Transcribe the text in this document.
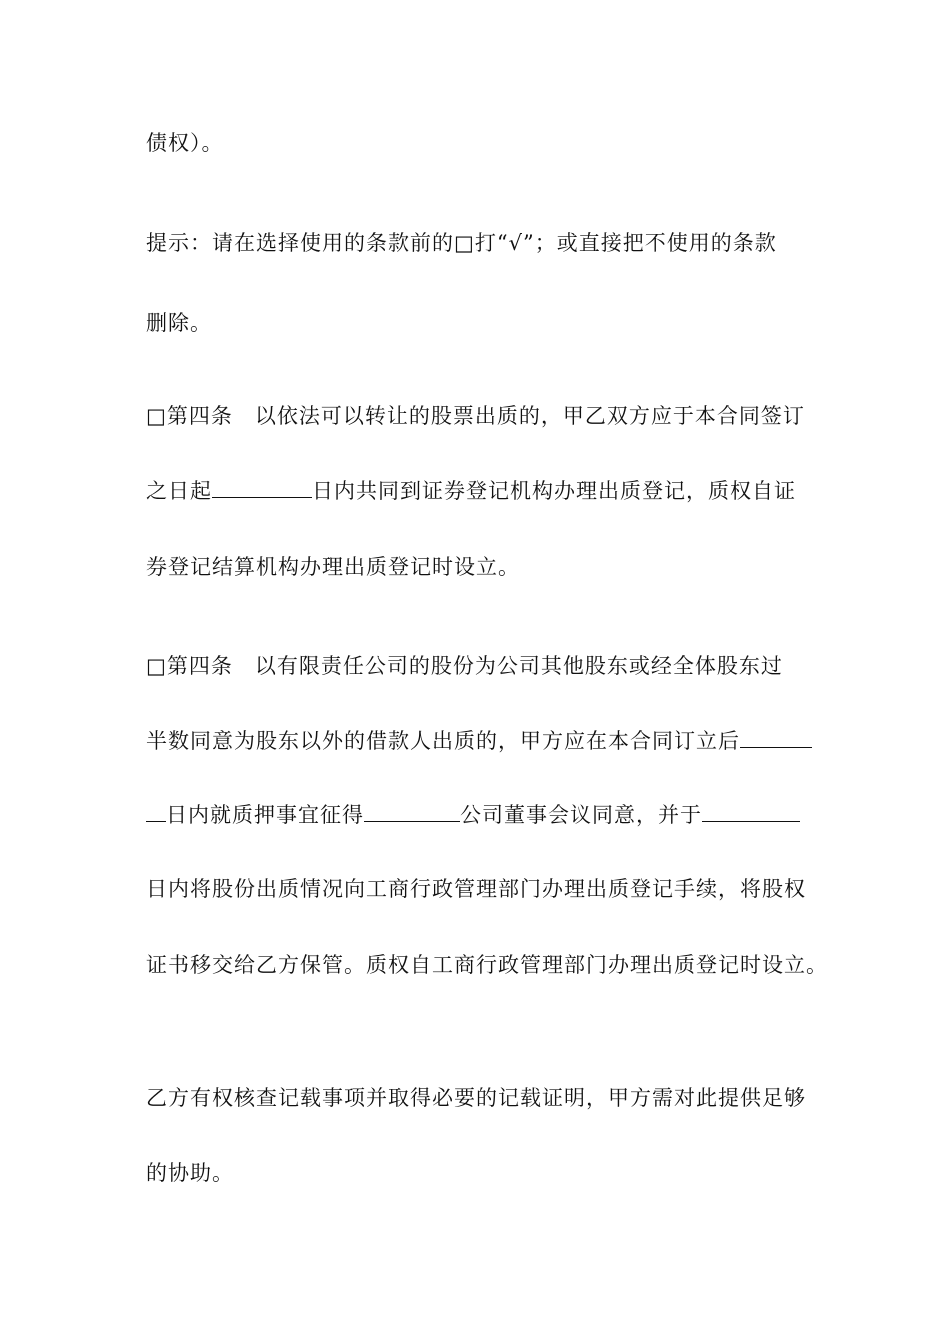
债权）。
提示：请在选择使用的条款前的□打“√”；或直接把不使用的条款
删除。
□第四条　以依法可以转让的股票出质的，甲乙双方应于本合同签订
之日起	日内共同到证券登记机构办理出质登记，质权自证
券登记结算机构办理出质登记时设立。
□第四条　以有限责任公司的股份为公司其他股东或经全体股东过
半数同意为股东以外的借款人出质的，甲方应在本合同订立后
日内就质押事宜征得	公司董事会议同意，并于
日内将股份出质情况向工商行政管理部门办理出质登记手续，将股权
证书移交给乙方保管。质权自工商行政管理部门办理出质登记时设立。
乙方有权核查记载事项并取得必要的记载证明，甲方需对此提供足够
的协助。
